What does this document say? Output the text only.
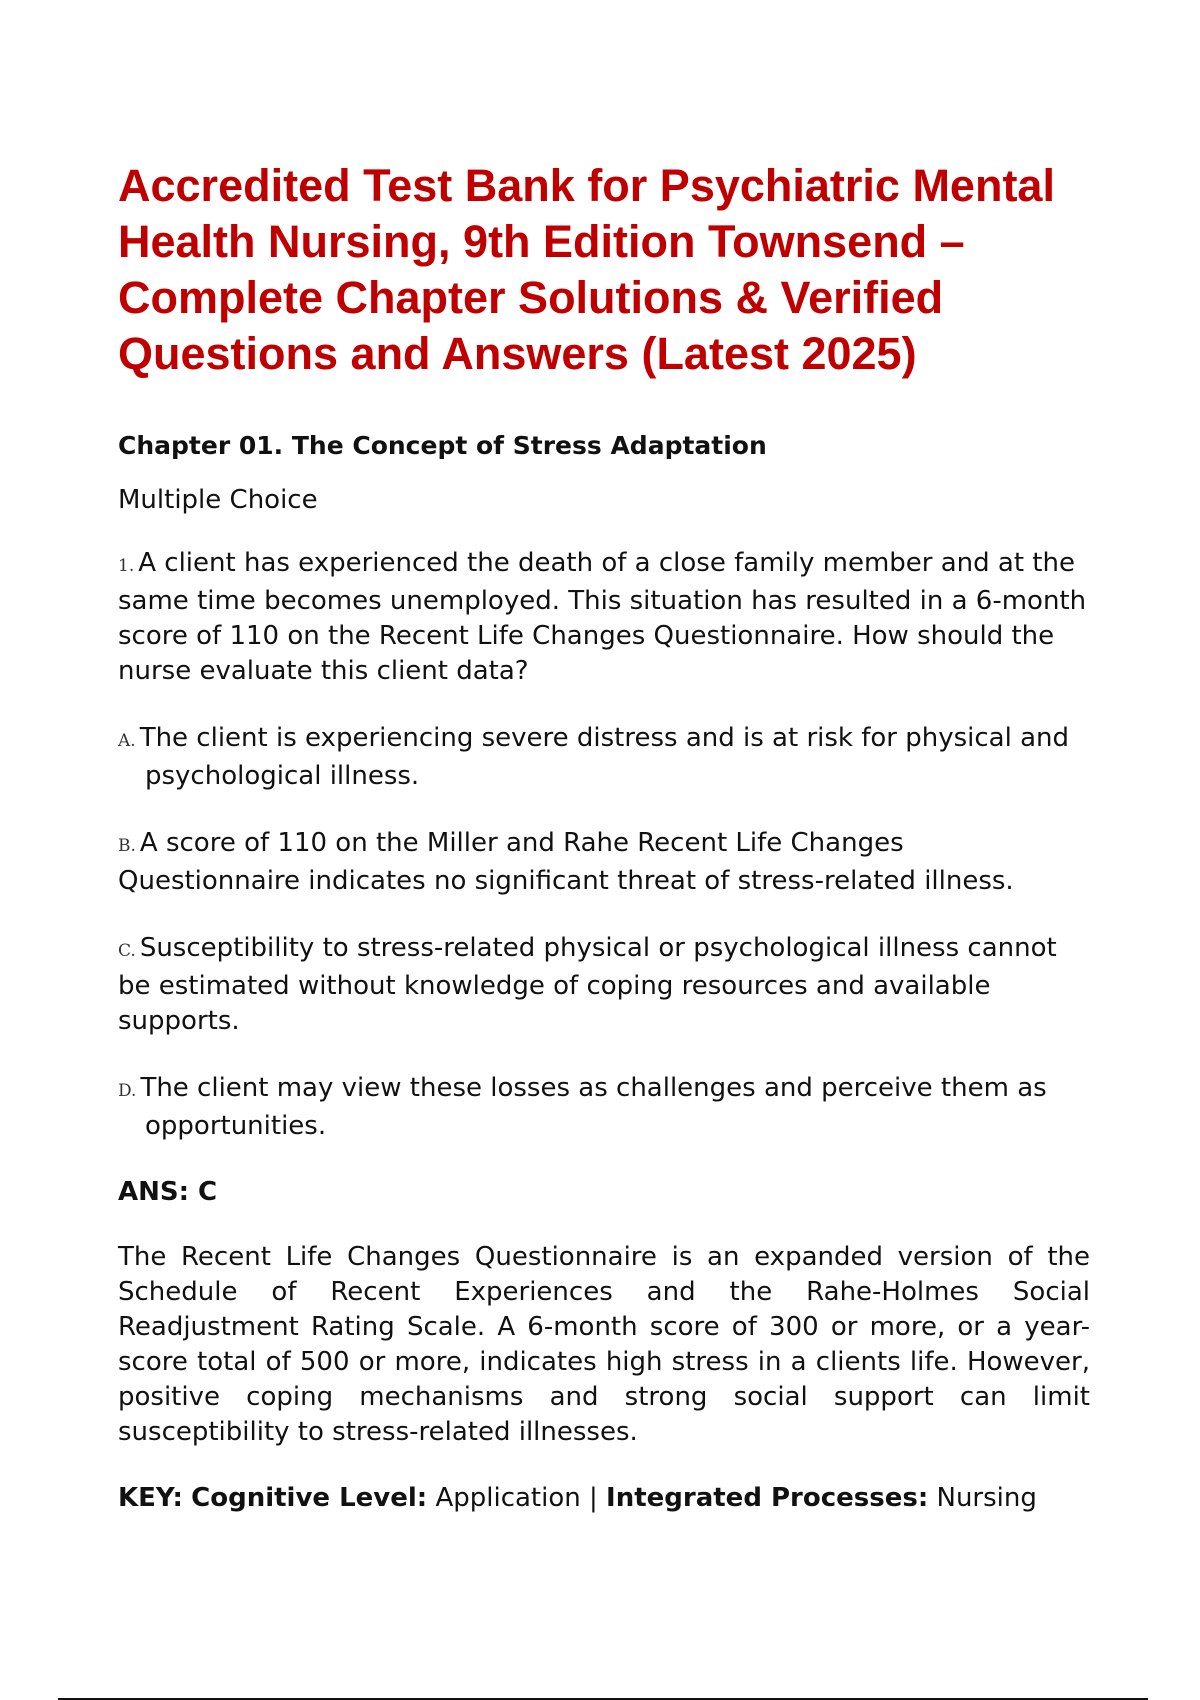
Accredited Test Bank for Psychiatric Mental Health Nursing, 9th Edition Townsend – Complete Chapter Solutions & Verified Questions and Answers (Latest 2025)
Chapter 01. The Concept of Stress Adaptation
Multiple Choice
1. A client has experienced the death of a close family member and at the same time becomes unemployed. This situation has resulted in a 6-month score of 110 on the Recent Life Changes Questionnaire. How should the nurse evaluate this client data?
A. The client is experiencing severe distress and is at risk for physical and psychological illness.
B. A score of 110 on the Miller and Rahe Recent Life Changes Questionnaire indicates no significant threat of stress-related illness.
C. Susceptibility to stress-related physical or psychological illness cannot be estimated without knowledge of coping resources and available supports.
D. The client may view these losses as challenges and perceive them as opportunities.
ANS: C
The Recent Life Changes Questionnaire is an expanded version of the Schedule of Recent Experiences and the Rahe-Holmes Social Readjustment Rating Scale. A 6-month score of 300 or more, or a year-score total of 500 or more, indicates high stress in a clients life. However, positive coping mechanisms and strong social support can limit susceptibility to stress-related illnesses.
KEY: Cognitive Level: Application | Integrated Processes: Nursing
